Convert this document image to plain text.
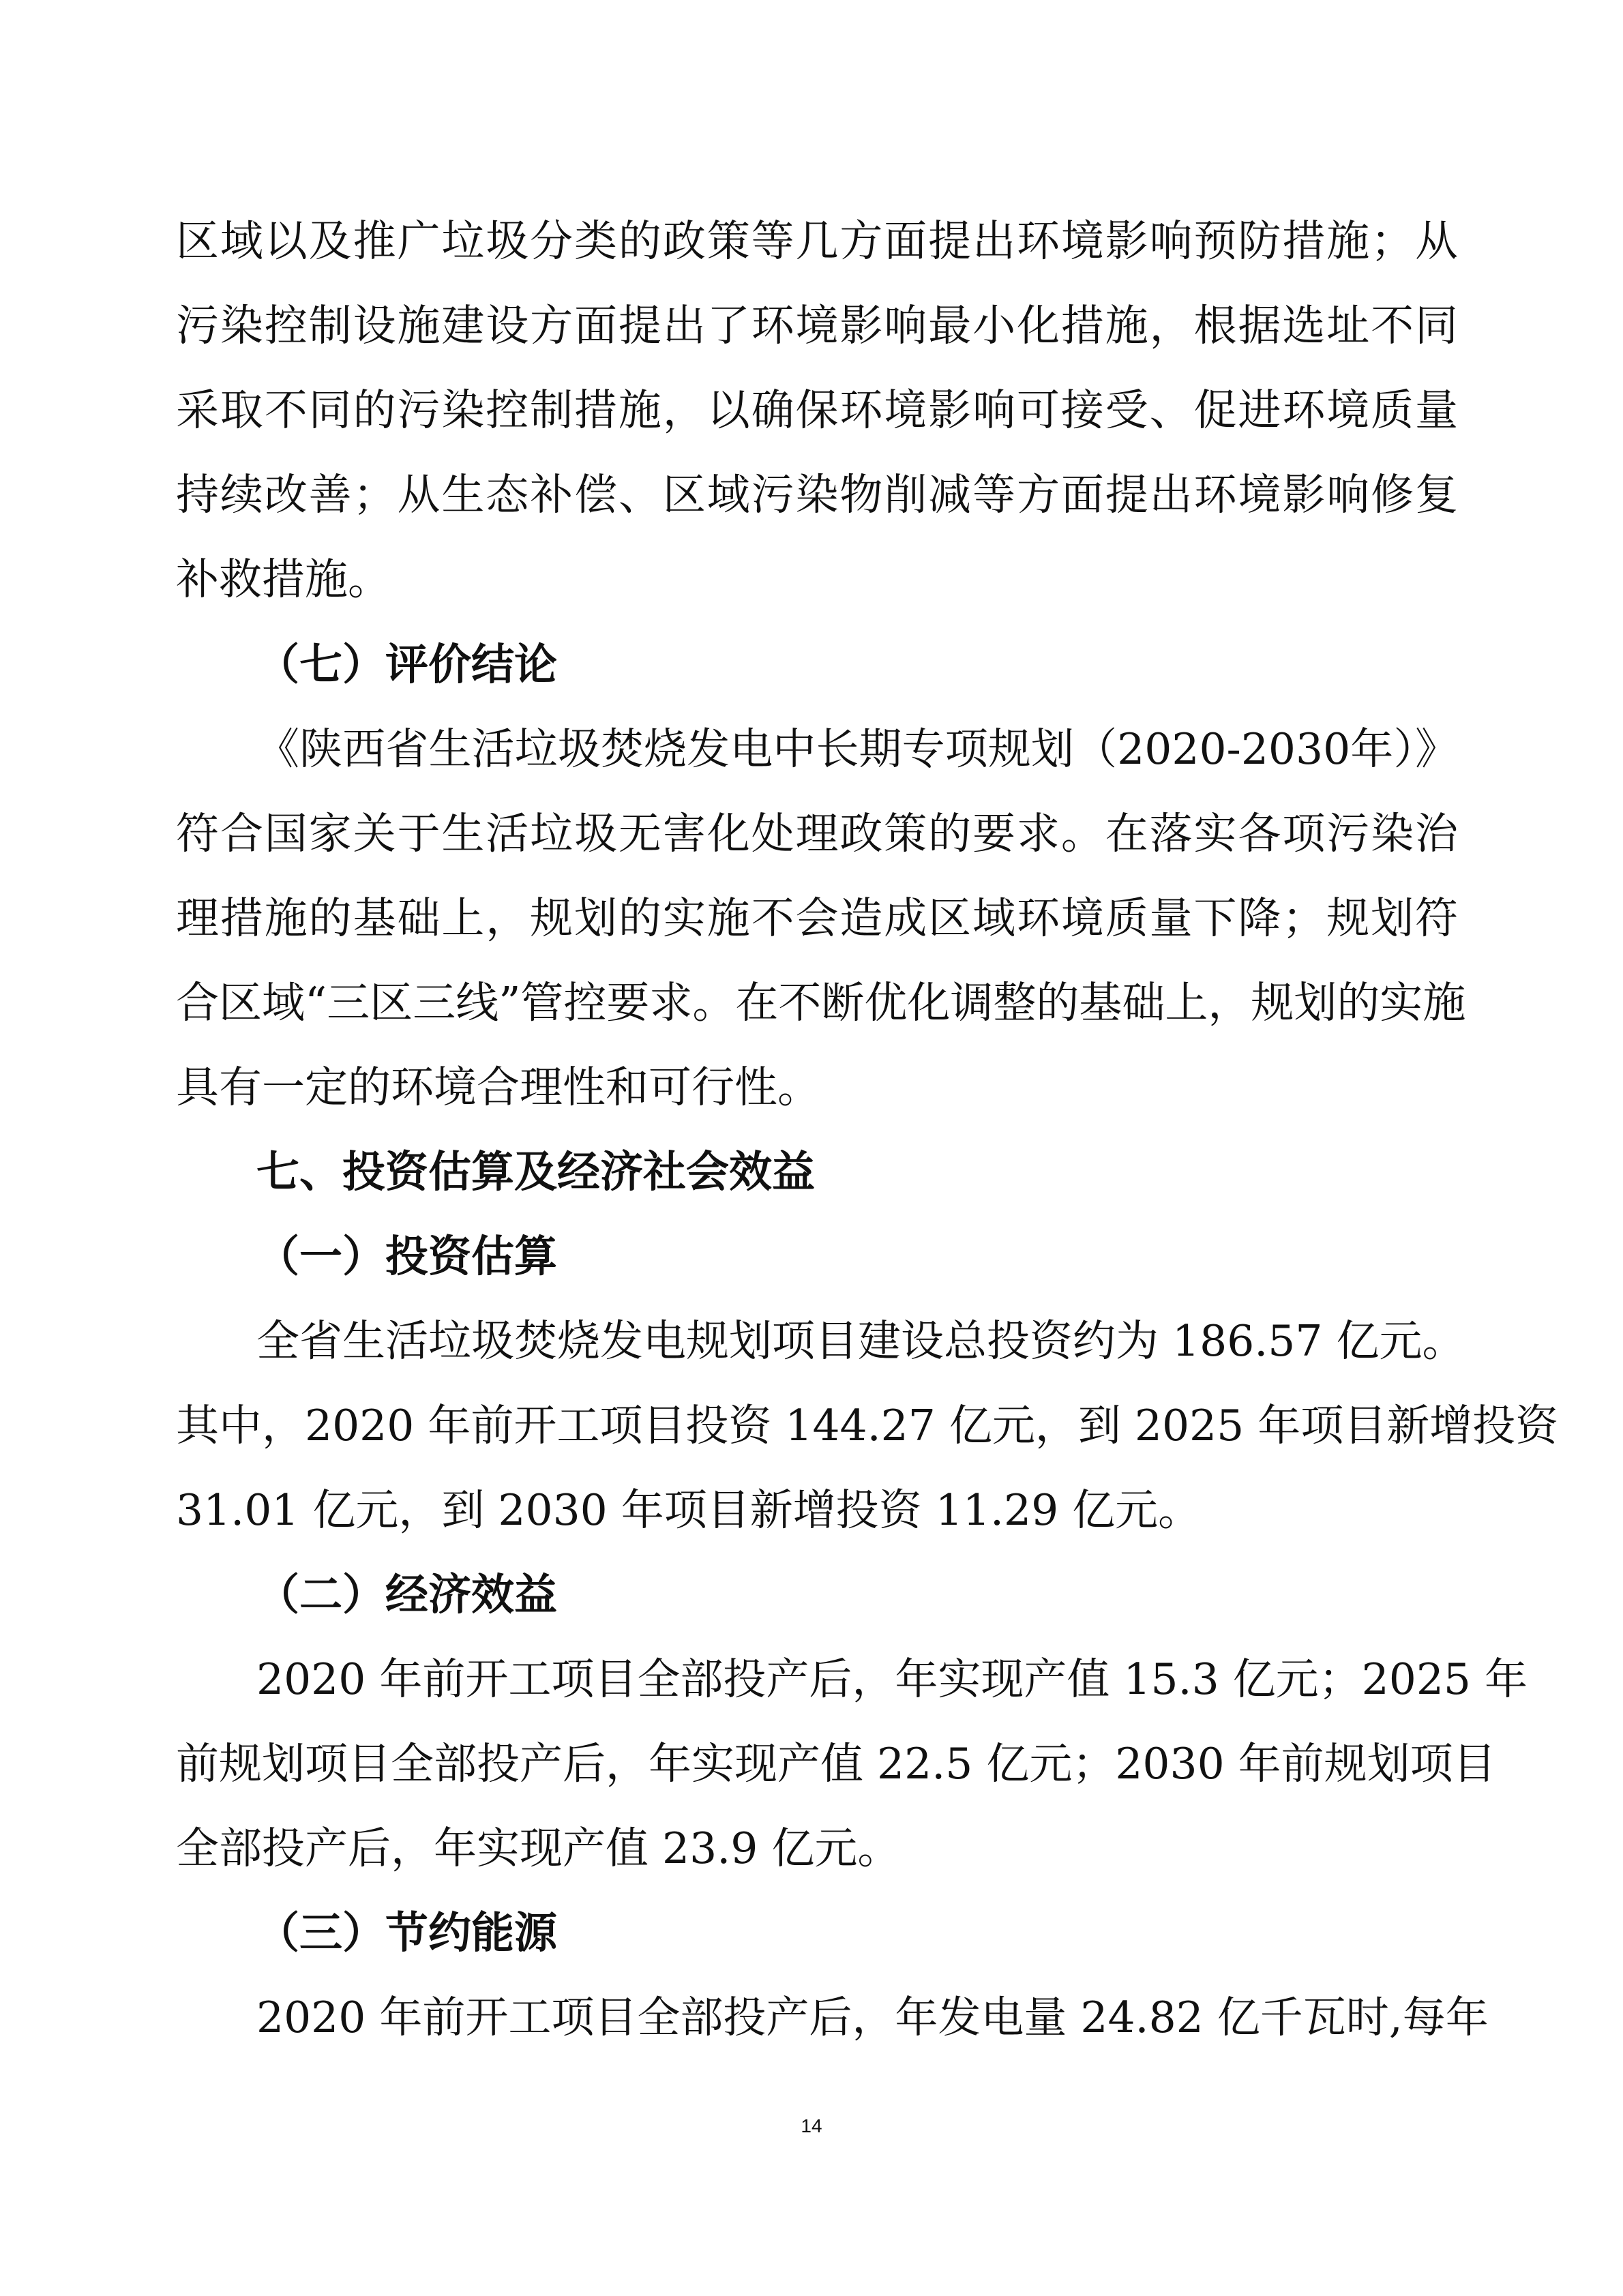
区域以及推广垃圾分类的政策等几方面提出环境影响预防措施；从
污染控制设施建设方面提出了环境影响最小化措施，根据选址不同
采取不同的污染控制措施，以确保环境影响可接受、促进环境质量
持续改善；从生态补偿、区域污染物削减等方面提出环境影响修复
补救措施。
（七）评价结论
《陕西省生活垃圾焚烧发电中长期专项规划（2020-2030年）》
符合国家关于生活垃圾无害化处理政策的要求。在落实各项污染治
理措施的基础上，规划的实施不会造成区域环境质量下降；规划符
合区域“三区三线”管控要求。在不断优化调整的基础上，规划的实施
具有一定的环境合理性和可行性。
七、投资估算及经济社会效益
（一）投资估算
全省生活垃圾焚烧发电规划项目建设总投资约为 186.57 亿元。
其中，2020 年前开工项目投资 144.27 亿元，到 2025 年项目新增投资
31.01 亿元，到 2030 年项目新增投资 11.29 亿元。
（二）经济效益
2020 年前开工项目全部投产后，年实现产值 15.3 亿元；2025 年
前规划项目全部投产后，年实现产值 22.5 亿元；2030 年前规划项目
全部投产后，年实现产值 23.9 亿元。
（三）节约能源
2020 年前开工项目全部投产后，年发电量 24.82 亿千瓦时,每年
14
